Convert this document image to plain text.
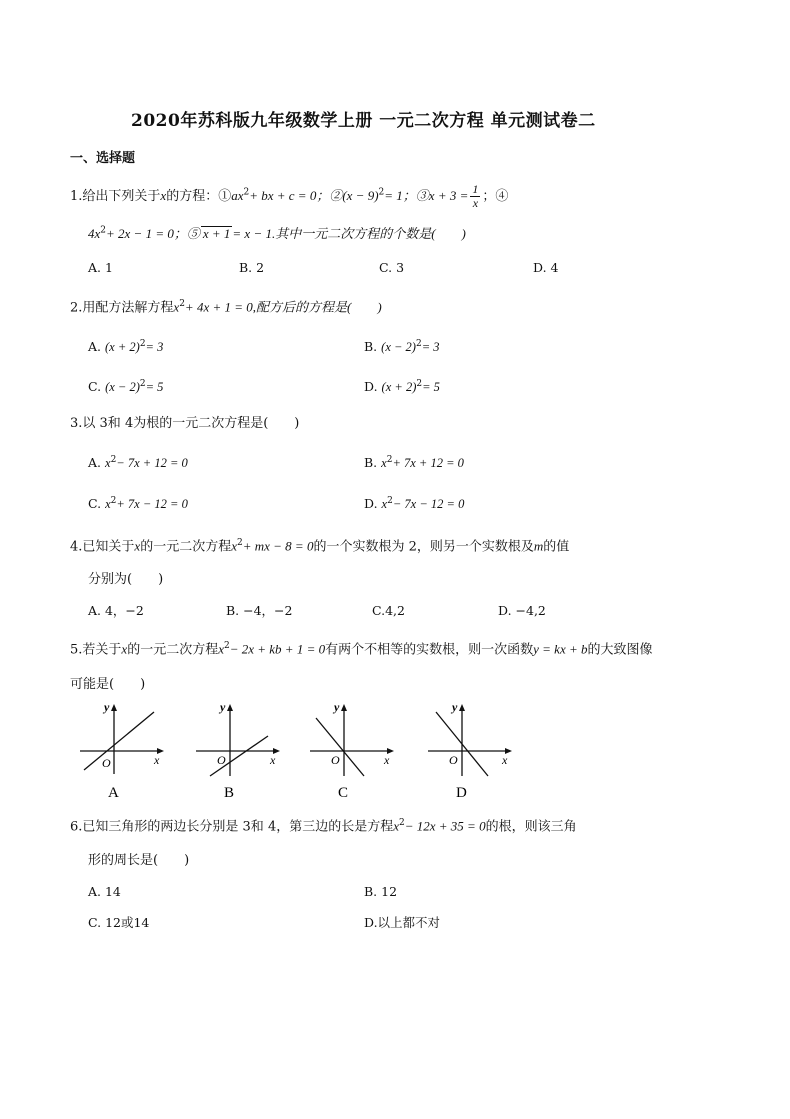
2020年苏科版九年级数学上册 一元二次方程 单元测试卷二
一、选择题
1.给出下列关于x的方程：$①ax^2+$ bx + c = 0；②(x − 9)$^2$= 1；③x + $3 = \frac{1}{x}$ ；④
$4x^2+ 2x - 1 = 0$；⑤ x + 1 = x − 1.其中一元二次方程的个数是(　　)
A. 1	B. 2	C. 3	D. 4
2.用配方法解方程$x^2+ 4x + 1 = 0$,配方后的方程是(　　)
A. $(x + 2)^2= 3$	B. $(x - 2)^2= 3$
C. $(x - 2)^2= 5$	D. $(x + 2)^2= 5$
3.以 3和 4为根的一元二次方程是(　　)
A. $x^2- 7x + 12 = 0$	B. $x^2+ 7x + 12 = 0$
C. $x^2+ 7x - 12 = 0$	D. $x^2- 7x - 12 = 0$
4.已知关于x的一元二次方程$x^2+$ mx − 8 = 0的一个实数根为 2，则另一个实数根及m的值
分别为(　　)
A. 4，−2	B. −4，−2	C.4,2	D. −4,2
5.若关于x的一元二次方程$x^2- 2x$ + kb + 1 = 0有两个不相等的实数根，则一次函数y = kx + b的大致图像
可能是(　　)
O	x
y
A
O	x
y
B
O	x
y
C
O	x
y
D
6.已知三角形的两边长分别是 3和 4，第三边的长是方程$x^2- 12x + 35 = 0$的根，则该三角
形的周长是(　　)
A. 14	B. 12
C. 12或14	D.以上都不对
